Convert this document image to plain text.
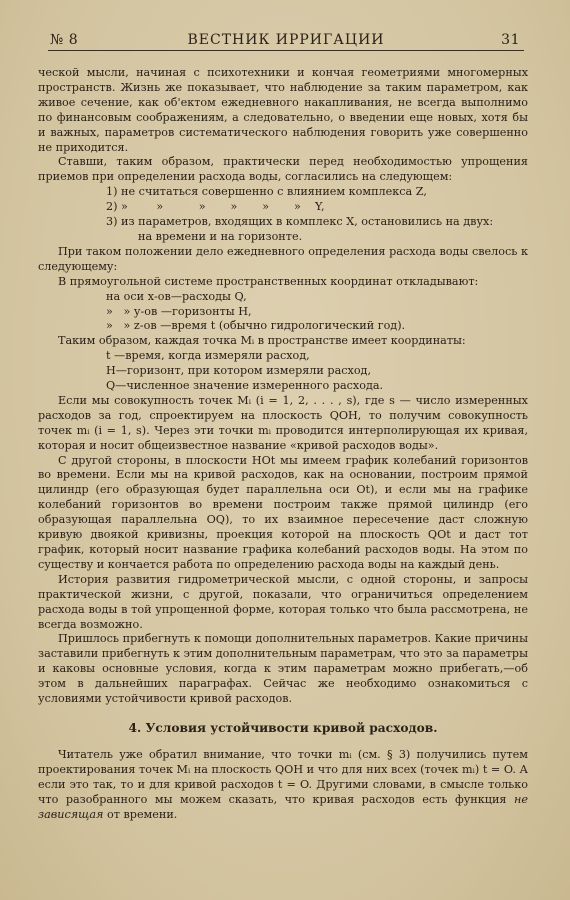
№ 8	ВЕСТНИК ИРРИГАЦИИ	31

ческой мысли, начиная с психотехники и кончая геометриями многомерных пространств. Жизнь же показывает, что наблюдение за таким параметром, как живое сечение, как об'ектом ежедневного накапливания, не всегда выполнимо по финансовым соображениям, а следовательно, о введении еще новых, хотя бы и важных, параметров систематического наблюдения говорить уже совершенно не приходится.

Ставши, таким образом, практически перед необходимостью упрощения приемов при определении расхода воды, согласились на следующем:

1) не считаться совершенно с влиянием комплекса Z,

2) »        »          »       »       »       »    Y,

3) из параметров, входящих в комплекс X, остановились на двух:

на времени и на горизонте.

При таком положении дело ежедневного определения расхода воды свелось к следующему:

В прямоугольной системе пространственных координат откладывают:

на оси х-ов—расходы Q,

»   » у-ов —горизонты H,

»   » z-ов —время t (обычно гидрологический год).

Таким образом, каждая точка Mᵢ в пространстве имеет координаты:

t —время, когда измеряли расход,

H—горизонт, при котором измеряли расход,

Q—численное значение измеренного расхода.

Если мы совокупность точек Mᵢ (i = 1, 2, . . . , s), где s — число измеренных расходов за год, спроектируем на плоскость QOH, то получим совокупность точек mᵢ (i = 1, s). Через эти точки mᵢ проводится интерполирующая их кривая, которая и носит общеизвестное название «кривой расходов воды».

С другой стороны, в плоскости HOt мы имеем график колебаний горизонтов во времени. Если мы на кривой расходов, как на основании, построим прямой цилиндр (его образующая будет параллельна оси Ot), и если мы на графике колебаний горизонтов во времени построим также прямой цилиндр (его образующая параллельна OQ), то их взаимное пересечение даст сложную кривую двоякой кривизны, проекция которой на плоскость QOt и даст тот график, который носит название графика колебаний расходов воды. На этом по существу и кончается работа по определению расхода воды на каждый день.

История развития гидрометрической мысли, с одной стороны, и запросы практической жизни, с другой, показали, что ограничиться определением расхода воды в той упрощенной форме, которая только что была рассмотрена, не всегда возможно.

Пришлось прибегнуть к помощи дополнительных параметров. Какие причины заставили прибегнуть к этим дополнительным параметрам, что это за параметры и каковы основные условия, когда к этим параметрам можно прибегать,—об этом в дальнейших параграфах. Сейчас же необходимо ознакомиться с условиями устойчивости кривой расходов.

4. Условия устойчивости кривой расходов.

Читатель уже обратил внимание, что точки mᵢ (см. § 3) получились путем проектирования точек Mᵢ на плоскость QOH и что для них всех (точек mᵢ) t = O. А если это так, то и для кривой расходов t = O. Другими словами, в смысле только что разобранного мы можем сказать, что кривая расходов есть функция не зависящая от времени.
